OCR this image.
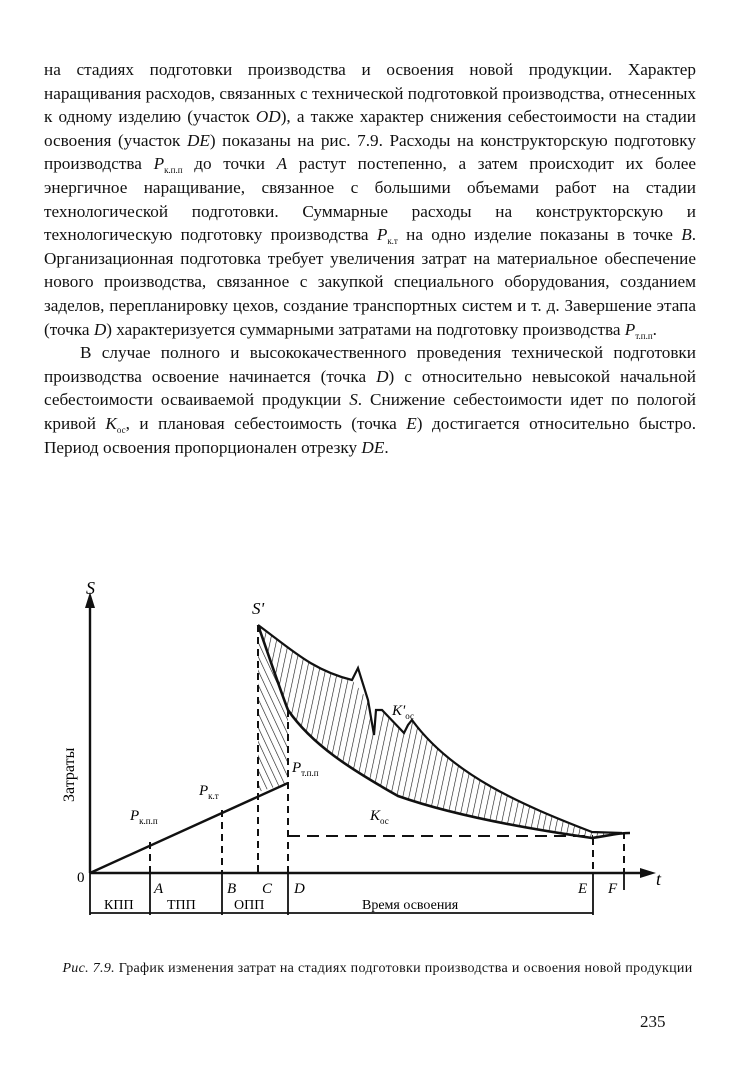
на стадиях подготовки производства и освоения новой продукции. Характер наращивания расходов, связанных с технической подготовкой производства, отнесенных к одному изделию (участок OD), а также характер снижения себестоимости на стадии освоения (участок DE) показаны на рис. 7.9. Расходы на конструкторскую подготовку производства $P_{к.п.п}$ до точки A растут постепенно, а затем происходит их более энергичное наращивание, связанное с большими объемами работ на стадии технологической подготовки. Суммарные расходы на конструкторскую и технологическую подготовку производства $P_{к.т}$ на одно изделие показаны в точке B. Организационная подготовка требует увеличения затрат на материальное обеспечение нового производства, связанное с закупкой специального оборудования, созданием заделов, перепланировку цехов, создание транспортных систем и т. д. Завершение этапа (точка D) характеризуется суммарными затратами на подготовку производства $P_{т.п.п}$.

В случае полного и высококачественного проведения технической подготовки производства освоение начинается (точка D) с относительно невысокой начальной себестоимости осваиваемой продукции S. Снижение себестоимости идет по пологой кривой $K_{ос}$, и плановая себестоимость (точка E) достигается относительно быстро. Период освоения пропорционален отрезку DE.

S
t
0
Затраты
A	B C D	E F
S'
$P_{к.п.п}$
$P_{к.т}$
$P_{т.п.п}$
$K'_{ос}$
$K_{ос}$
КПП ТПП	ОПП	Время освоения
Рис. 7.9. График изменения затрат на стадиях подготовки производства и освоения новой продукции
235
